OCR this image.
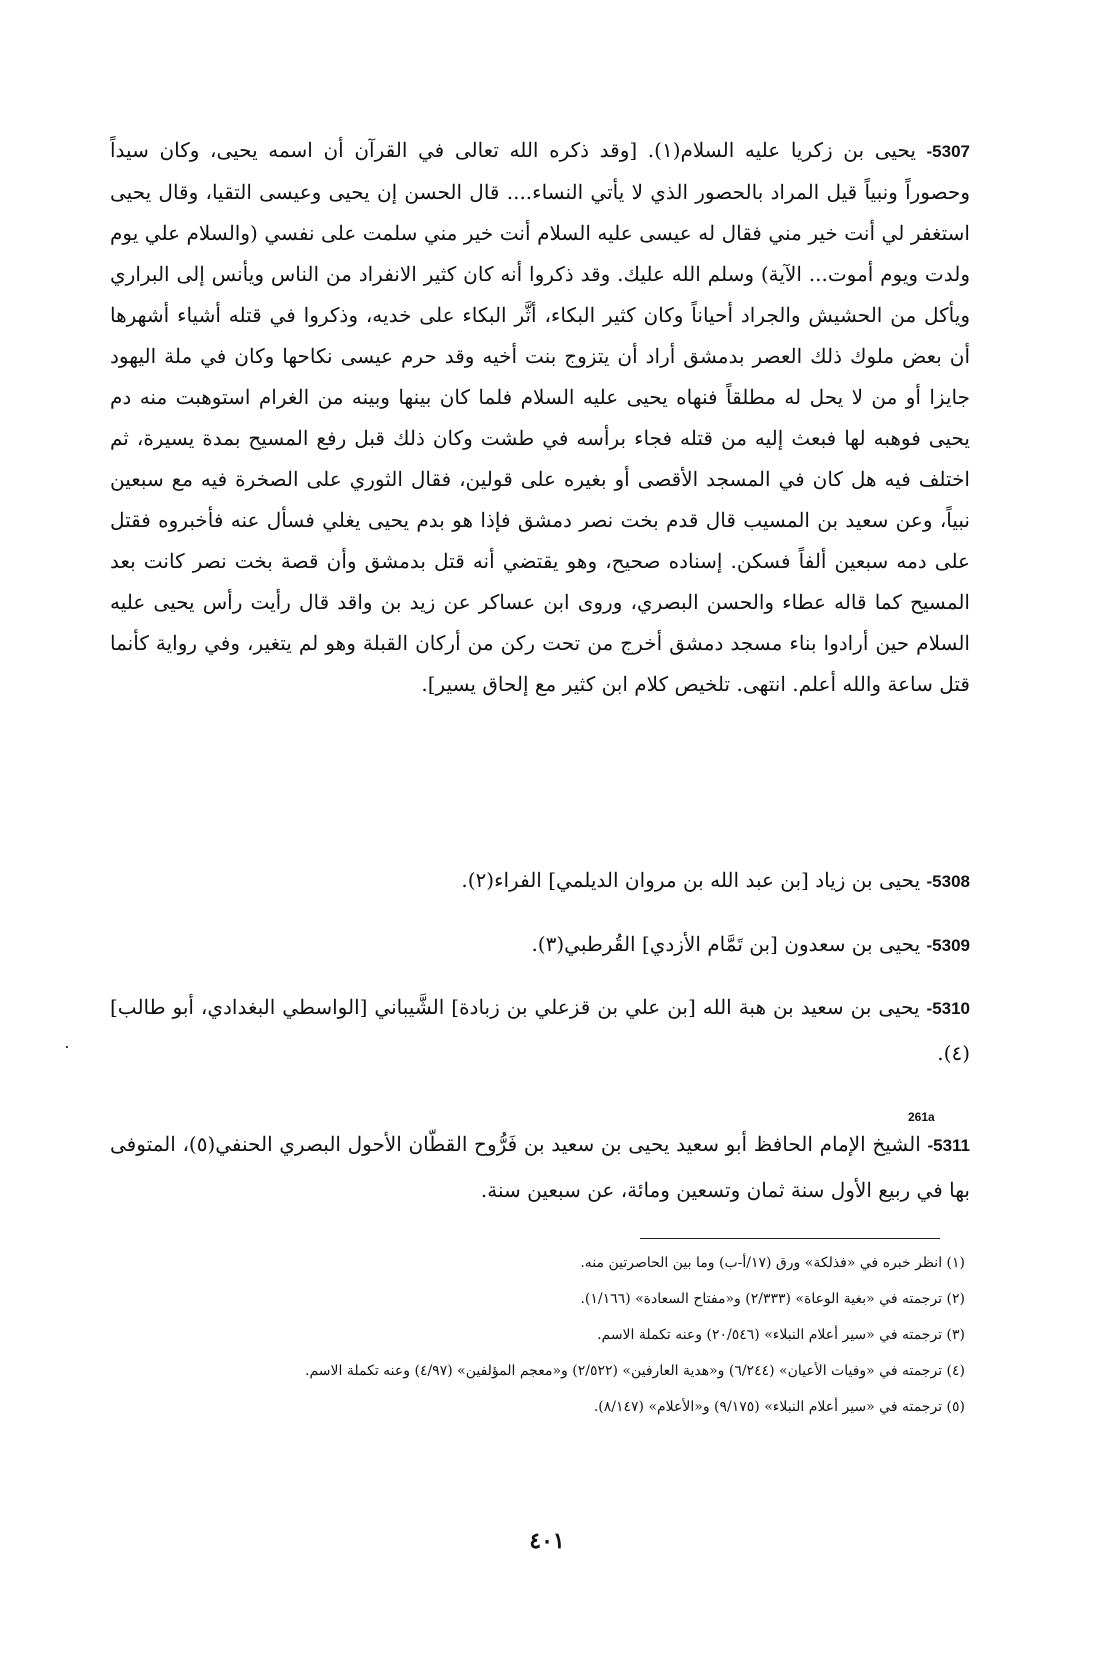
5307- يحيى بن زكريا عليه السلام(١). [وقد ذكره الله تعالى في القرآن أن اسمه يحيى، وكان سيداً وحصوراً ونبياً قيل المراد بالحصور الذي لا يأتي النساء.... قال الحسن إن يحيى وعيسى التقيا، وقال يحيى استغفر لي أنت خير مني فقال له عيسى عليه السلام أنت خير مني سلمت على نفسي (والسلام علي يوم ولدت ويوم أموت... الآية) وسلم الله عليك. وقد ذكروا أنه كان كثير الانفراد من الناس ويأنس إلى البراري ويأكل من الحشيش والجراد أحياناً وكان كثير البكاء، أثَّر البكاء على خديه، وذكروا في قتله أشياء أشهرها أن بعض ملوك ذلك العصر بدمشق أراد أن يتزوج بنت أخيه وقد حرم عيسى نكاحها وكان في ملة اليهود جايزا أو من لا يحل له مطلقاً فنهاه يحيى عليه السلام فلما كان بينها وبينه من الغرام استوهبت منه دم يحيى فوهبه لها فبعث إليه من قتله فجاء برأسه في طشت وكان ذلك قبل رفع المسيح بمدة يسيرة، ثم اختلف فيه هل كان في المسجد الأقصى أو بغيره على قولين، فقال الثوري على الصخرة فيه مع سبعين نبياً، وعن سعيد بن المسيب قال قدم بخت نصر دمشق فإذا هو بدم يحيى يغلي فسأل عنه فأخبروه فقتل على دمه سبعين ألفاً فسكن. إسناده صحيح، وهو يقتضي أنه قتل بدمشق وأن قصة بخت نصر كانت بعد المسيح كما قاله عطاء والحسن البصري، وروى ابن عساكر عن زيد بن واقد قال رأيت رأس يحيى عليه السلام حين أرادوا بناء مسجد دمشق أخرج من تحت ركن من أركان القبلة وهو لم يتغير، وفي رواية كأنما قتل ساعة والله أعلم. انتهى. تلخيص كلام ابن كثير مع إلحاق يسير].
5308- يحيى بن زياد [بن عبد الله بن مروان الديلمي] الفراء(٢).
5309- يحيى بن سعدون [بن تَمَّام الأزدي] القُرطبي(٣).
5310- يحيى بن سعيد بن هبة الله [بن علي بن قزعلي بن زبادة] الشَّيباني [الواسطي البغدادي، أبو طالب](٤).
261a
5311- الشيخ الإمام الحافظ أبو سعيد يحيى بن سعيد بن فَرُّوح القطّان الأحول البصري الحنفي(٥)، المتوفى بها في ربيع الأول سنة ثمان وتسعين ومائة، عن سبعين سنة.
(١) انظر خبره في «فذلكة» ورق (١٧/أ-ب) وما بين الحاصرتين منه.
(٢) ترجمته في «بغية الوعاة» (٢/٣٣٣) و«مفتاح السعادة» (١/١٦٦).
(٣) ترجمته في «سير أعلام النبلاء» (٢٠/٥٤٦) وعنه تكملة الاسم.
(٤) ترجمته في «وفيات الأعيان» (٦/٢٤٤) و«هدية العارفين» (٢/٥٢٢) و«معجم المؤلفين» (٤/٩٧) وعنه تكملة الاسم.
(٥) ترجمته في «سير أعلام النبلاء» (٩/١٧٥) و«الأعلام» (٨/١٤٧).
٤٠١
